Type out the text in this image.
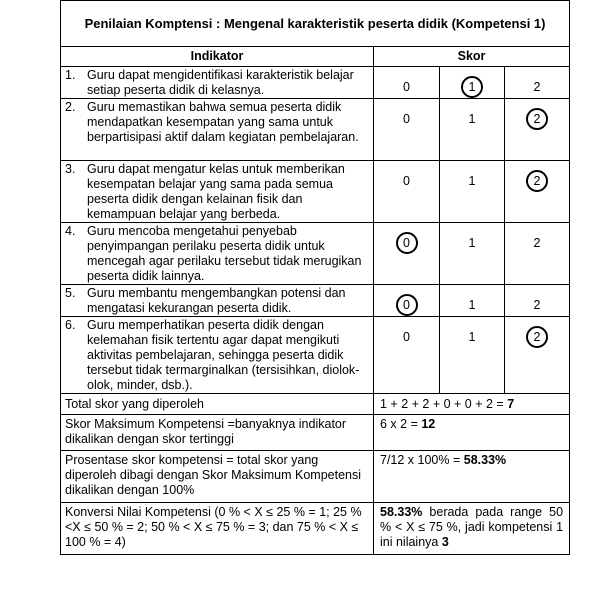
Penilaian Komptensi : Mengenal karakteristik peserta didik (Kompetensi 1)			
Indikator	Skor		

1. Guru dapat mengidentifikasi karakteristik belajar setiap peserta didik di kelasnya.	0	1	2

2. Guru memastikan bahwa semua peserta didik mendapatkan kesempatan yang sama untuk berpartisipasi aktif dalam kegiatan pembelajaran.	0	1	2

3. Guru dapat mengatur kelas untuk memberikan kesempatan belajar yang sama pada semua peserta didik dengan kelainan fisik dan kemampuan belajar yang berbeda.	0	1	2

4. Guru mencoba mengetahui penyebab penyimpangan perilaku peserta didik untuk mencegah agar perilaku tersebut tidak merugikan peserta didik lainnya.	0	1	2

5. Guru membantu mengembangkan potensi dan mengatasi kekurangan peserta didik.	0	1	2

6. Guru memperhatikan peserta didik dengan kelemahan fisik tertentu agar dapat mengikuti aktivitas pembelajaran, sehingga peserta didik tersebut tidak termarginalkan (tersisihkan, diolok-olok, minder, dsb.).	0	1	2
Total skor yang diperoleh	1 + 2 + 2 + 0 + 0 + 2 = 7		
Skor Maksimum Kompetensi =banyaknya indikator dikalikan dengan skor tertinggi	6 x 2 = 12		
Prosentase skor kompetensi = total skor yang diperoleh dibagi dengan Skor Maksimum Kompetensi dikalikan dengan 100%	7/12 x 100% = 58.33%		
Konversi Nilai Kompetensi (0 % < X ≤ 25 % = 1; 25 % <X ≤ 50 % = 2; 50 % < X ≤ 75 % = 3; dan 75 % < X ≤ 100 % = 4)	58.33% berada pada range 50 % < X ≤ 75 %, jadi kompetensi 1 ini nilainya 3		
